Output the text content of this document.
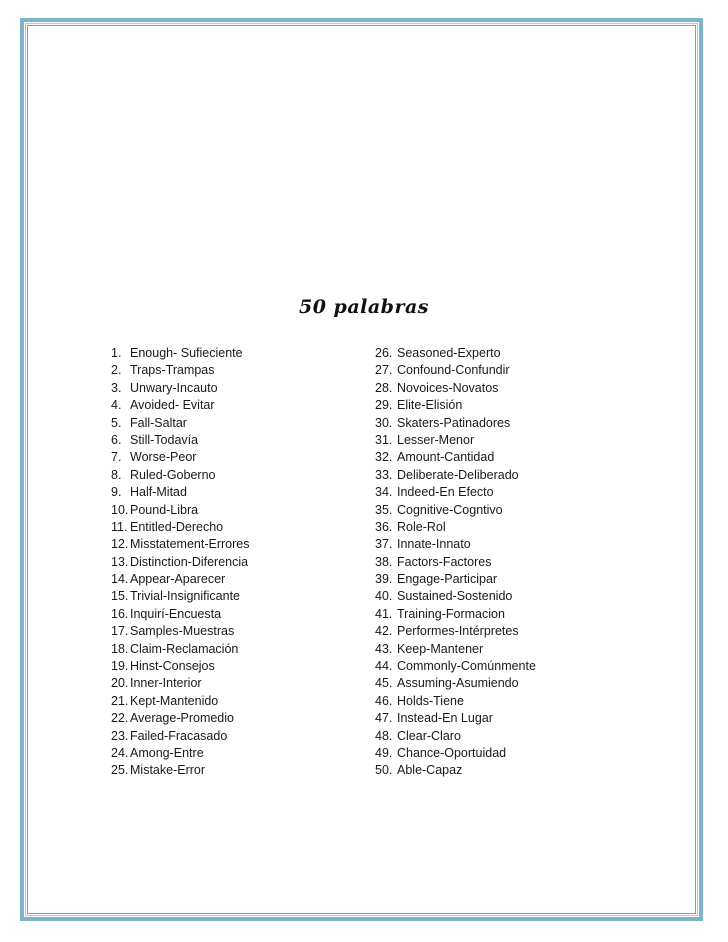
50 palabras
1. Enough- Sufieciente
2. Traps-Trampas
3. Unwary-Incauto
4. Avoided- Evitar
5. Fall-Saltar
6. Still-Todavía
7. Worse-Peor
8. Ruled-Goberno
9. Half-Mitad
10. Pound-Libra
11. Entitled-Derecho
12. Misstatement-Errores
13. Distinction-Diferencia
14. Appear-Aparecer
15. Trivial-Insignificante
16. Inquirí-Encuesta
17. Samples-Muestras
18. Claim-Reclamación
19. Hinst-Consejos
20. Inner-Interior
21. Kept-Mantenido
22. Average-Promedio
23. Failed-Fracasado
24. Among-Entre
25. Mistake-Error
26. Seasoned-Experto
27. Confound-Confundir
28. Novoices-Novatos
29. Elite-Elisión
30. Skaters-Patinadores
31. Lesser-Menor
32. Amount-Cantidad
33. Deliberate-Deliberado
34. Indeed-En Efecto
35. Cognitive-Cogntivo
36. Role-Rol
37. Innate-Innato
38. Factors-Factores
39. Engage-Participar
40. Sustained-Sostenido
41. Training-Formacion
42. Performes-Intérpretes
43. Keep-Mantener
44. Commonly-Comúnmente
45. Assuming-Asumiendo
46. Holds-Tiene
47. Instead-En Lugar
48. Clear-Claro
49. Chance-Oportuidad
50. Able-Capaz
